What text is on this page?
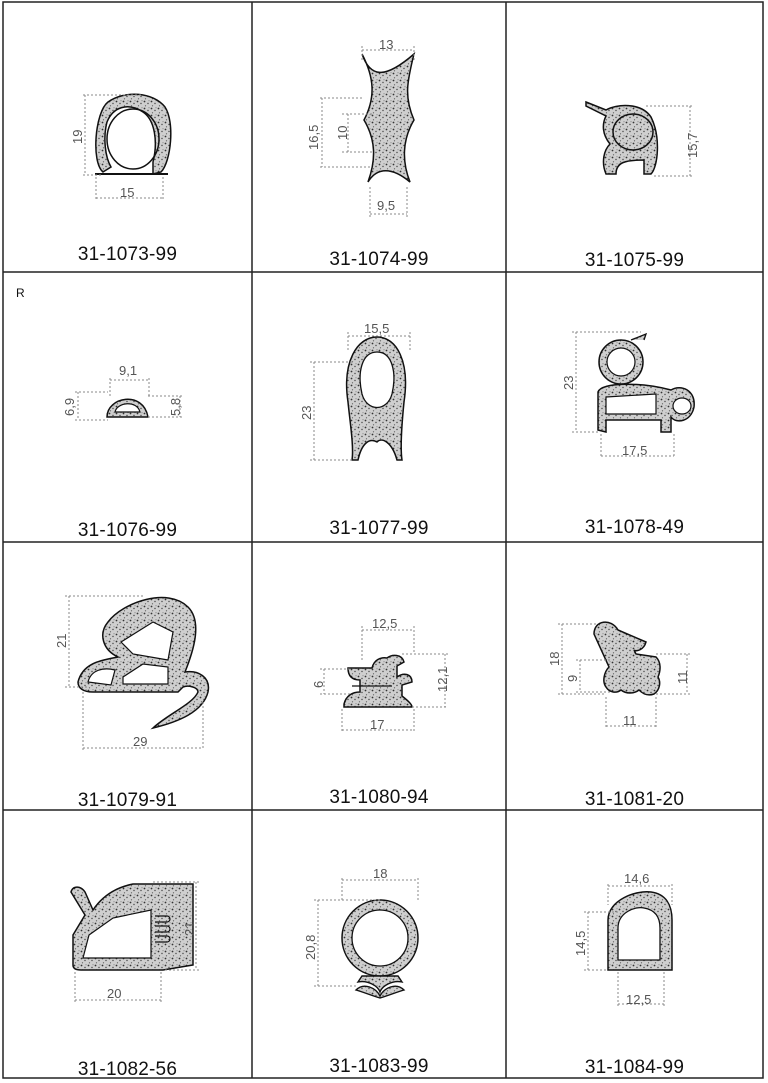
R
19
15
31-1073-99
13
16,5 10
9,5
31-1074-99
15,7
31-1075-99
9,1
6,9	5,8
31-1076-99
15,5
23
31-1077-99
23
17,5
31-1078-49
21
29
31-1079-91
12,5
6	12,1
17
31-1080-94
18
9	11
11
31-1081-20
21
20
31-1082-56
18
20,8
31-1083-99
14,6
14,5
12,5
31-1084-99
